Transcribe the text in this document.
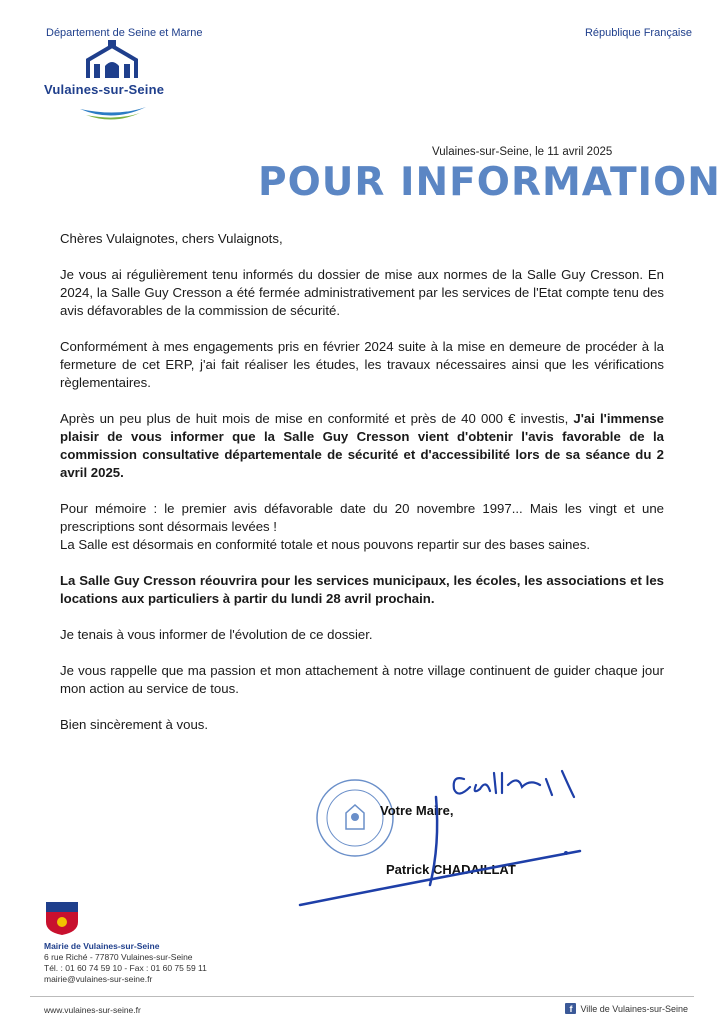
Département de Seine et Marne	République Française
Vulaines-sur-Seine
Vulaines-sur-Seine, le 11 avril 2025
POUR INFORMATION

Chères Vulaignotes, chers Vulaignots,

Je vous ai régulièrement tenu informés du dossier de mise aux normes de la Salle Guy Cresson. En 2024, la Salle Guy Cresson a été fermée administrativement par les services de l'Etat compte tenu des avis défavorables de la commission de sécurité.

Conformément à mes engagements pris en février 2024 suite à la mise en demeure de procéder à la fermeture de cet ERP, j'ai fait réaliser les études, les travaux nécessaires ainsi que les vérifications règlementaires.

Après un peu plus de huit mois de mise en conformité et près de 40 000 € investis, J'ai l'immense plaisir de vous informer que la Salle Guy Cresson vient d'obtenir l'avis favorable de la commission consultative départementale de sécurité et d'accessibilité lors de sa séance du 2 avril 2025.

Pour mémoire : le premier avis défavorable date du 20 novembre 1997... Mais les vingt et une prescriptions sont désormais levées !

La Salle est désormais en conformité totale et nous pouvons repartir sur des bases saines.

La Salle Guy Cresson réouvrira pour les services municipaux, les écoles, les associations et les locations aux particuliers à partir du lundi 28 avril prochain.

Je tenais à vous informer de l'évolution de ce dossier.

Je vous rappelle que ma passion et mon attachement à notre village continuent de guider chaque jour mon action au service de tous.

Bien sincèrement à vous.

Votre Maire,
Patrick CHADAILLAT
Mairie de Vulaines-sur-Seine
6 rue Riché - 77870 Vulaines-sur-Seine
Tél. : 01 60 74 59 10 - Fax : 01 60 75 59 11
mairie@vulaines-sur-seine.fr
www.vulaines-sur-seine.fr	f Ville de Vulaines-sur-Seine
